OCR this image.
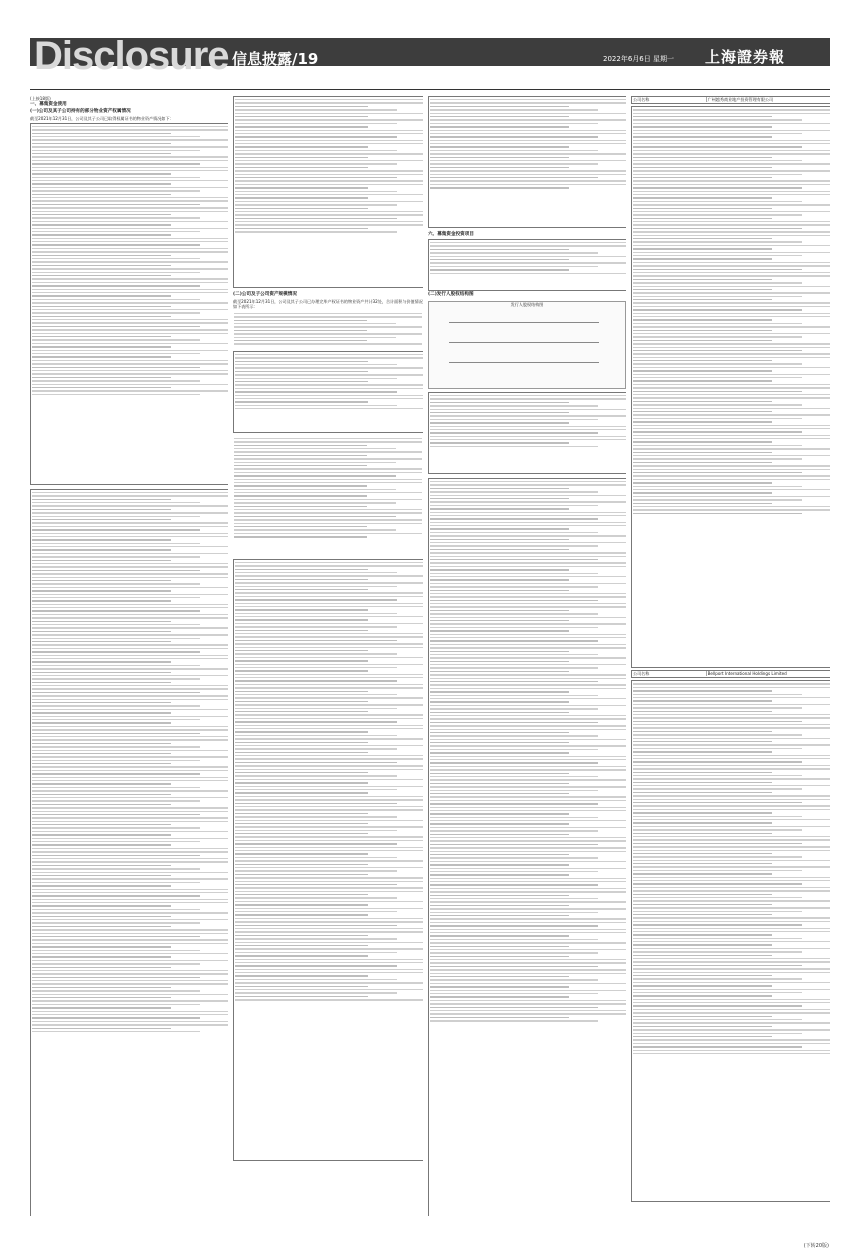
Disclosure 信息披露/19	2022年6月6日 星期一 上海證券報
(上接18版)
一、募集资金使用
(一)公司及其子公司持有的部分物业资产权属情况
截至2021年12月31日，公司及其子公司已取得权属证书的物业资产情况如下：
(二)公司及子公司资产规模情况
截至2021年12月31日，公司及其子公司已办理完毕产权证书的物业资产共计32处，合计面积与价值情况如下表所示：
六、募集资金投资项目
(二)发行人股权结构图
发行人股权结构图
公司名称	广州越秀商业地产投资管理有限公司
公司名称	Bellport International Holdings Limited
(下转20版)
